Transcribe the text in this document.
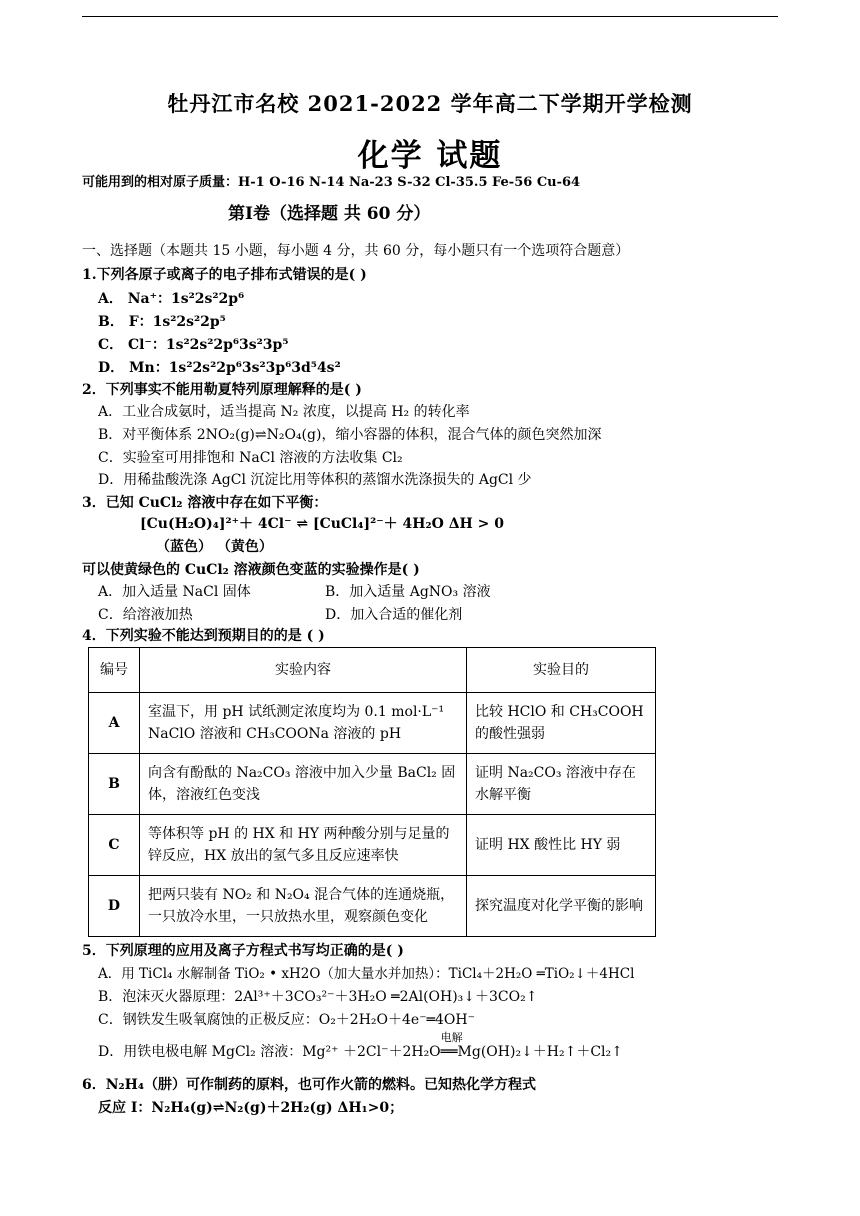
牡丹江市名校 2021-2022 学年高二下学期开学检测
化学 试题
可能用到的相对原子质量：H-1 O-16 N-14 Na-23 S-32 Cl-35.5 Fe-56 Cu-64
第Ⅰ卷（选择题 共 60 分）
一、选择题（本题共 15 小题，每小题 4 分，共 60 分，每小题只有一个选项符合题意）
1.下列各原子或离子的电子排布式错误的是( )
A． Na⁺：1s²2s²2p⁶
B． F：1s²2s²2p⁵
C． Cl⁻：1s²2s²2p⁶3s²3p⁵
D． Mn：1s²2s²2p⁶3s²3p⁶3d⁵4s²
2．下列事实不能用勒夏特列原理解释的是( )
A．工业合成氨时，适当提高 N₂ 浓度，以提高 H₂ 的转化率
B．对平衡体系 2NO₂(g)⇌N₂O₄(g)，缩小容器的体积，混合气体的颜色突然加深
C．实验室可用排饱和 NaCl 溶液的方法收集 Cl₂
D．用稀盐酸洗涤 AgCl 沉淀比用等体积的蒸馏水洗涤损失的 AgCl 少
3．已知 CuCl₂ 溶液中存在如下平衡：
[Cu(H₂O)₄]²⁺＋ 4Cl⁻ ⇌ [CuCl₄]²⁻＋ 4H₂O ΔH > 0
（蓝色） （黄色）
可以使黄绿色的 CuCl₂ 溶液颜色变蓝的实验操作是( )
A．加入适量 NaCl 固体	B．加入适量 AgNO₃ 溶液
C．给溶液加热	D．加入合适的催化剂
4．下列实验不能达到预期目的的是 ( )
编号	实验内容	实验目的
A	室温下，用 pH 试纸测定浓度均为 0.1 mol·L⁻¹ NaClO 溶液和 CH₃COONa 溶液的 pH	比较 HClO 和 CH₃COOH 的酸性强弱
B	向含有酚酞的 Na₂CO₃ 溶液中加入少量 BaCl₂ 固体，溶液红色变浅	证明 Na₂CO₃ 溶液中存在水解平衡
C	等体积等 pH 的 HX 和 HY 两种酸分别与足量的锌反应，HX 放出的氢气多且反应速率快	证明 HX 酸性比 HY 弱
D	把两只装有 NO₂ 和 N₂O₄ 混合气体的连通烧瓶，一只放冷水里，一只放热水里，观察颜色变化	探究温度对化学平衡的影响
5．下列原理的应用及离子方程式书写均正确的是( )
A．用 TiCl₄ 水解制备 TiO₂ • xH2O（加大量水并加热）：TiCl₄＋2H₂O ═TiO₂↓＋4HCl
B．泡沫灭火器原理：2Al³⁺＋3CO₃²⁻＋3H₂O ═2Al(OH)₃↓＋3CO₂↑
C．钢铁发生吸氧腐蚀的正极反应：O₂＋2H₂O＋4e⁻═4OH⁻
D．用铁电极电解 MgCl₂ 溶液：Mg²⁺ ＋2Cl⁻＋2H₂O
电解
══Mg(OH)₂↓＋H₂↑＋Cl₂↑
6．N₂H₄（肼）可作制药的原料，也可作火箭的燃料。已知热化学方程式
反应 I：N₂H₄(g)⇌N₂(g)＋2H₂(g) ΔH₁>0；
